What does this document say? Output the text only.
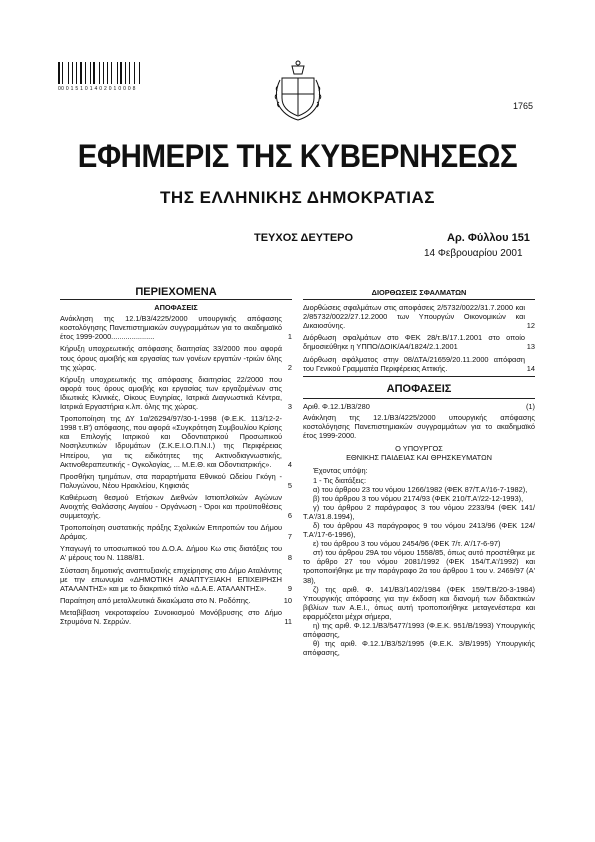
00 0 1 5 1 0 1 4 0 2 0 1 0 0 0 8
1765
ΕΦΗΜΕΡΙΣ ΤΗΣ ΚΥΒΕΡΝΗΣΕΩΣ
ΤΗΣ ΕΛΛΗΝΙΚΗΣ ΔΗΜΟΚΡΑΤΙΑΣ
ΤΕΥΧΟΣ ΔΕΥΤΕΡΟ	Αρ. Φύλλου 151
14 Φεβρουαρίου 2001
ΠΕΡΙΕΧΟΜΕΝΑ
ΑΠΟΦΑΣΕΙΣ
Ανάκληση της 12.1/Β3/4225/2000 υπουργικής απόφασης κοστολόγησης Πανεπιστημιακών συγγραμμάτων για το ακαδημαϊκό έτος 1999-2000.....................	1
Κήρυξη υποχρεωτικής απόφασης διαιτησίας 33/2000 που αφορά τους όρους αμοιβής και εργασίας των γονέων εργατών -τριών όλης της χώρας.	2
Κήρυξη υποχρεωτικής της απόφασης διαιτησίας 22/2000 που αφορά τους όρους αμοιβής και εργασίας των εργαζομένων στις Ιδιωτικές Κλινικές, Οίκους Ευγηρίας, Ιατρικά Διαγνωστικά Κέντρα, Ιατρικά Εργαστήρια κ.λπ. όλης της χώρας.	3
Τροποποίηση της ΔΥ 1α/26294/97/30-1-1998 (Φ.Ε.Κ. 113/12-2-1998 τ.Β') απόφασης, που αφορά «Συγκρότηση Συμβουλίου Κρίσης και Επιλογής Ιατρικού και Οδοντιατρικού Προσωπικού Νοσηλευτικών Ιδρυμάτων (Σ.Κ.Ε.Ι.Ο.Π.Ν.Ι.) της Περιφέρειας Ηπείρου, για τις ειδικότητες της Ακτινοδιαγνωστικής, Ακτινοθεραπευτικής - Ογκολογίας, ... Μ.Ε.Θ. και Οδοντιατρικής». 4
Προσθήκη τμημάτων, στα παραρτήματα Εθνικού Ωδείου Γκόγη - Πολυγώνου, Νέου Ηρακλείου, Κηφισιάς	5
Καθιέρωση θεσμού Ετήσιων Διεθνών Ιστιοπλοϊκών Αγώνων Ανοιχτής Θαλάσσης Αιγαίου - Οργάνωση - Όροι και προϋποθέσεις συμμετοχής.	6
Τροποποίηση συστατικής πράξης Σχολικών Επιτροπών του Δήμου Δράμας.	7
Υπαγωγή το υποσωπικού του Δ.Ο.Α. Δήμου Κω στις διατάξεις του Α' μέρους του Ν. 1188/81.	8
Σύσταση δημοτικής αναπτυξιακής επιχείρησης στο Δήμο Αταλάντης με την επωνυμία «ΔΗΜΟΤΙΚΗ ΑΝΑΠΤΥΞΙΑΚΗ ΕΠΙΧΕΙΡΗΣΗ ΑΤΑΛΑΝΤΗΣ» και με το διακριτικό τίτλο «Δ.Α.Ε. ΑΤΑΛΑΝΤΗΣ».	9
Παραίτηση από μεταλλευτικά δικαιώματα στο Ν. Ροδόπης.	10
Μεταβίβαση νεκροταφείου Συνοικισμού Μονόβρυσης στο Δήμο Στρυμόνα Ν. Σερρών.	11
ΔΙΟΡΘΩΣΕΙΣ ΣΦΑΛΜΑΤΩΝ
Διορθώσεις σφαλμάτων στις αποφάσεις 2/5732/0022/31.7.2000 και 2/85732/0022/27.12.2000 των Υπουργών Οικονομικών και Δικαιοσύνης.	12
Διόρθωση σφαλμάτων στο ΦΕΚ 28/τ.Β/17.1.2001 στο οποίο δημοσιεύθηκε η ΥΠΠΟ/ΔΟΙΚ/Α4/1824/2.1.2001	13
Διόρθωση σφάλματος στην 08/ΔΤΑ/21659/20.11.2000 απόφαση του Γενικού Γραμματέα Περιφέρειας Αττικής.	14
ΑΠΟΦΑΣΕΙΣ
Αριθ. Φ.12.1/Β3/280	(1)
Ανάκληση της 12.1/Β3/4225/2000 υπουργικής απόφασης κοστολόγησης Πανεπιστημιακών συγγραμμάτων για το ακαδημαϊκό έτος 1999-2000.
Ο ΥΠΟΥΡΓΟΣ
ΕΘΝΙΚΗΣ ΠΑΙΔΕΙΑΣ ΚΑΙ ΘΡΗΣΚΕΥΜΑΤΩΝ

Έχοντας υπόψη:

1 - Τις διατάξεις:

α) του άρθρου 23 του νόμου 1266/1982 (ΦΕΚ 87/Τ.Α'/16-7-1982),

β) του άρθρου 3 του νόμου 2174/93 (ΦΕΚ 210/Τ.Α'/22-12-1993),

γ) του άρθρου 2 παράγραφος 3 του νόμου 2233/94 (ΦΕΚ 141/Τ.Α'/31.8.1994),

δ) του άρθρου 43 παράγραφος 9 του νόμου 2413/96 (ΦΕΚ 124/Τ.Α'/17-6-1996),

ε) του άρθρου 3 του νόμου 2454/96 (ΦΕΚ 7/τ. Α'/17-6-97)

στ) του άρθρου 29Α του νόμου 1558/85, όπως αυτό προστέθηκε με το άρθρο 27 του νόμου 2081/1992 (ΦΕΚ 154/Τ.Α'/1992) και τροποποιήθηκε με την παράγραφο 2α του άρθρου 1 του ν. 2469/97 (Α' 38),

ζ) της αριθ. Φ. 141/Β3/1402/1984 (ΦΕΚ 159/Τ.Β/20-3-1984) Υπουργικής απόφασης για την έκδοση και διανομή των διδακτικών βιβλίων των Α.Ε.Ι., όπως αυτή τροποποιήθηκε μεταγενέστερα και εφαρμόζεται μέχρι σήμερα,

η) της αριθ. Φ.12.1/Β3/5477/1993 (Φ.Ε.Κ. 951/Β/1993) Υπουργικής απόφασης,

θ) της αριθ. Φ.12.1/Β3/52/1995 (Φ.Ε.Κ. 3/Β/1995) Υπουργικής απόφασης,
